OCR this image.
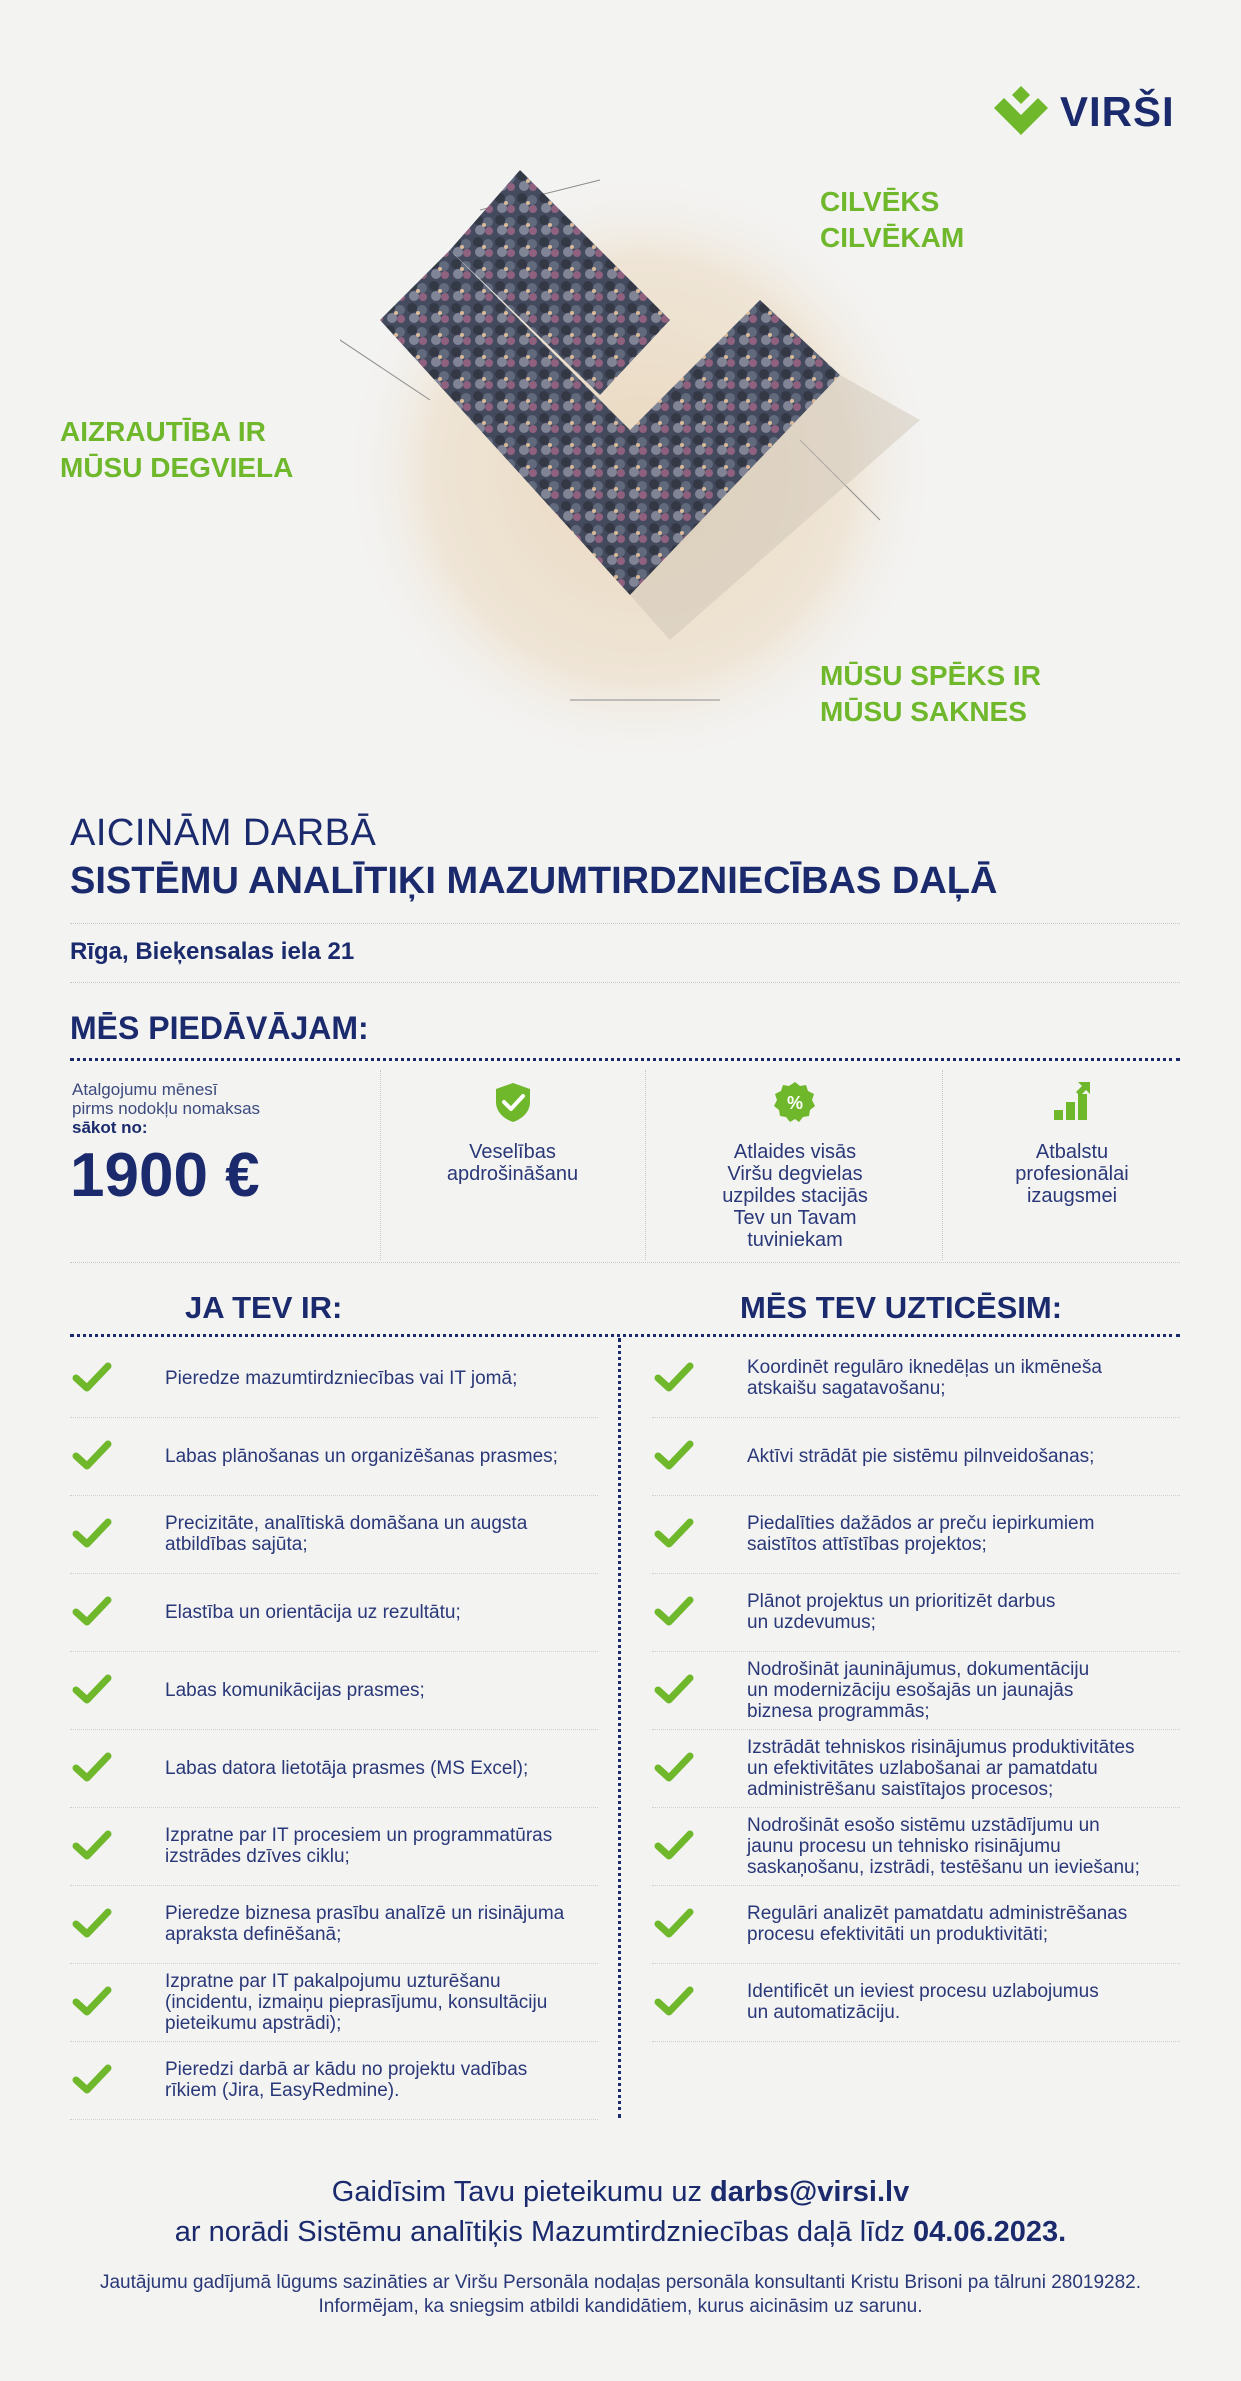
VIRŠI
CILVĒKS
CILVĒKAM
AIZRAUTĪBA IR
MŪSU DEGVIELA
MŪSU SPĒKS IR
MŪSU SAKNES
AICINĀM DARBĀ
SISTĒMU ANALĪTIĶI MAZUMTIRDZNIECĪBAS DAĻĀ
Rīga, Bieķensalas iela 21
MĒS PIEDĀVĀJAM:
Atalgojumu mēnesī
pirms nodokļu nomaksas
sākot no:
1900 €	Veselības
apdrošināšanu
%
Atlaides visās
Viršu degvielas
uzpildes stacijās
Tev un Tavam
tuviniekam
Atbalstu
profesionālai
izaugsmei
JA TEV IR:	MĒS TEV UZTICĒSIM:
Pieredze mazumtirdzniecības vai IT jomā;
Labas plānošanas un organizēšanas prasmes;
Precizitāte, analītiskā domāšana un augsta
atbildības sajūta;
Elastība un orientācija uz rezultātu;
Labas komunikācijas prasmes;
Labas datora lietotāja prasmes (MS Excel);
Izpratne par IT procesiem un programmatūras
izstrādes dzīves ciklu;
Pieredze biznesa prasību analīzē un risinājuma
apraksta definēšanā;
Izpratne par IT pakalpojumu uzturēšanu
(incidentu, izmaiņu pieprasījumu, konsultāciju
pieteikumu apstrādi);
Pieredzi darbā ar kādu no projektu vadības
rīkiem (Jira, EasyRedmine).
Koordinēt regulāro iknedēļas un ikmēneša
atskaišu sagatavošanu;
Aktīvi strādāt pie sistēmu pilnveidošanas;
Piedalīties dažādos ar preču iepirkumiem
saistītos attīstības projektos;
Plānot projektus un prioritizēt darbus
un uzdevumus;
Nodrošināt jauninājumus, dokumentāciju
un modernizāciju esošajās un jaunajās
biznesa programmās;
Izstrādāt tehniskos risinājumus produktivitātes
un efektivitātes uzlabošanai ar pamatdatu
administrēšanu saistītajos procesos;
Nodrošināt esošo sistēmu uzstādījumu un
jaunu procesu un tehnisko risinājumu
saskaņošanu, izstrādi, testēšanu un ieviešanu;
Regulāri analizēt pamatdatu administrēšanas
procesu efektivitāti un produktivitāti;
Identificēt un ieviest procesu uzlabojumus
un automatizāciju.
Gaidīsim Tavu pieteikumu uz darbs@virsi.lv
ar norādi Sistēmu analītiķis Mazumtirdzniecības daļā līdz 04.06.2023.
Jautājumu gadījumā lūgums sazināties ar Viršu Personāla nodaļas personāla konsultanti Kristu Brisoni pa tālruni 28019282.
Informējam, ka sniegsim atbildi kandidātiem, kurus aicināsim uz sarunu.
